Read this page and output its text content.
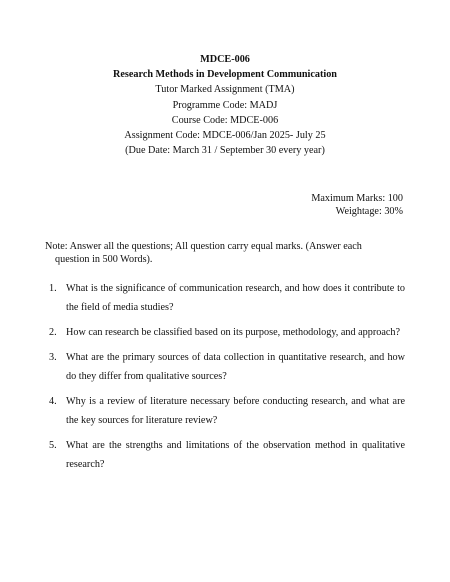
MDCE-006
Research Methods in Development Communication
Tutor Marked Assignment (TMA)
Programme Code: MADJ
Course Code: MDCE-006
Assignment Code: MDCE-006/Jan 2025- July 25
(Due Date: March 31 / September 30 every year)
Maximum Marks: 100
Weightage: 30%
Note: Answer all the questions; All question carry equal marks. (Answer each
question in 500 Words).
1. What is the significance of communication research, and how does it contribute to the field of media studies?
2. How can research be classified based on its purpose, methodology, and approach?
3. What are the primary sources of data collection in quantitative research, and how do they differ from qualitative sources?
4. Why is a review of literature necessary before conducting research, and what are the key sources for literature review?
5. What are the strengths and limitations of the observation method in qualitative research?
